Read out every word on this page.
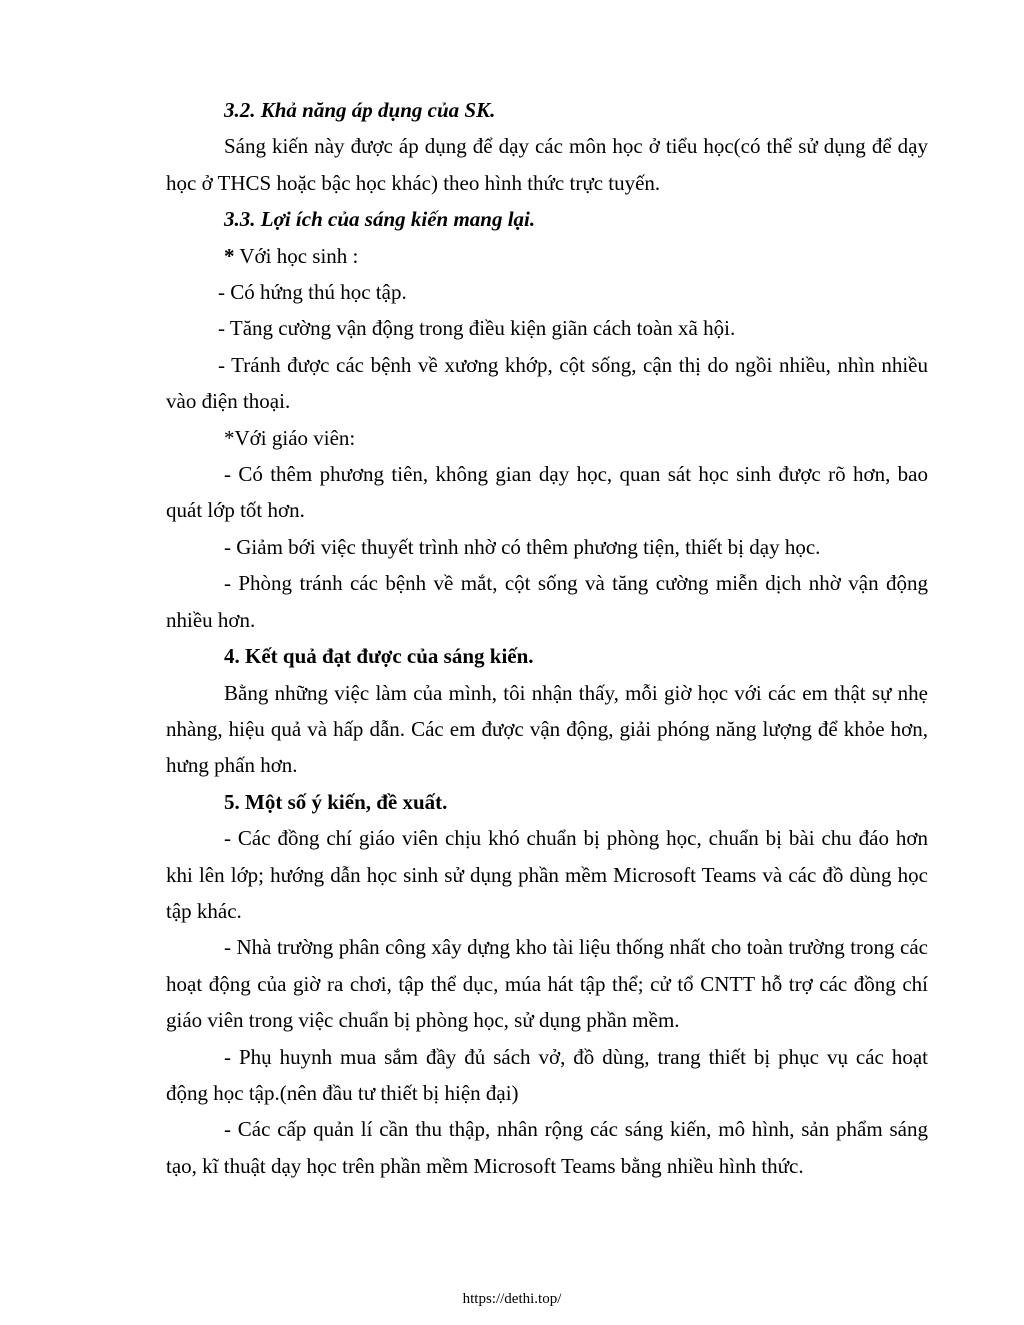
3.2. Khả năng áp dụng của SK.

Sáng kiến này được áp dụng để dạy các môn học ở tiểu học(có thể sử dụng để dạy học ở THCS hoặc bậc học khác) theo hình thức trực tuyến.

3.3. Lợi ích của sáng kiến mang lại.

* Với học sinh :

- Có hứng thú học tập.

- Tăng cường vận động trong điều kiện giãn cách toàn xã hội.

- Tránh được các bệnh về xương khớp, cột sống, cận thị do ngồi nhiều, nhìn nhiều vào điện thoại.

*Với giáo viên:

- Có thêm phương tiên, không gian dạy học, quan sát học sinh được rõ hơn, bao quát lớp tốt hơn.

- Giảm bới việc thuyết trình nhờ có thêm phương tiện, thiết bị dạy học.

- Phòng tránh các bệnh về mắt, cột sống và tăng cường miễn dịch nhờ vận động nhiều hơn.

4. Kết quả đạt được của sáng kiến.

Bằng những việc làm của mình, tôi nhận thấy, mỗi giờ học với các em thật sự nhẹ nhàng, hiệu quả và hấp dẫn. Các em được vận động, giải phóng năng lượng để khỏe hơn, hưng phấn hơn.

5. Một số ý kiến, đề xuất.

- Các đồng chí giáo viên chịu khó chuẩn bị phòng học, chuẩn bị bài chu đáo hơn khi lên lớp; hướng dẫn học sinh sử dụng phần mềm Microsoft Teams và các đồ dùng học tập khác.

- Nhà trường phân công xây dựng kho tài liệu thống nhất cho toàn trường trong các hoạt động của giờ ra chơi, tập thể dục, múa hát tập thể; cử tổ CNTT hỗ trợ các đồng chí giáo viên trong việc chuẩn bị phòng học, sử dụng phần mềm.

- Phụ huynh mua sắm đầy đủ sách vở, đồ dùng, trang thiết bị phục vụ các hoạt động học tập.(nên đầu tư thiết bị hiện đại)

- Các cấp quản lí cần thu thập, nhân rộng các sáng kiến, mô hình, sản phẩm sáng tạo, kĩ thuật dạy học trên phần mềm Microsoft Teams bằng nhiều hình thức.

https://dethi.top/
